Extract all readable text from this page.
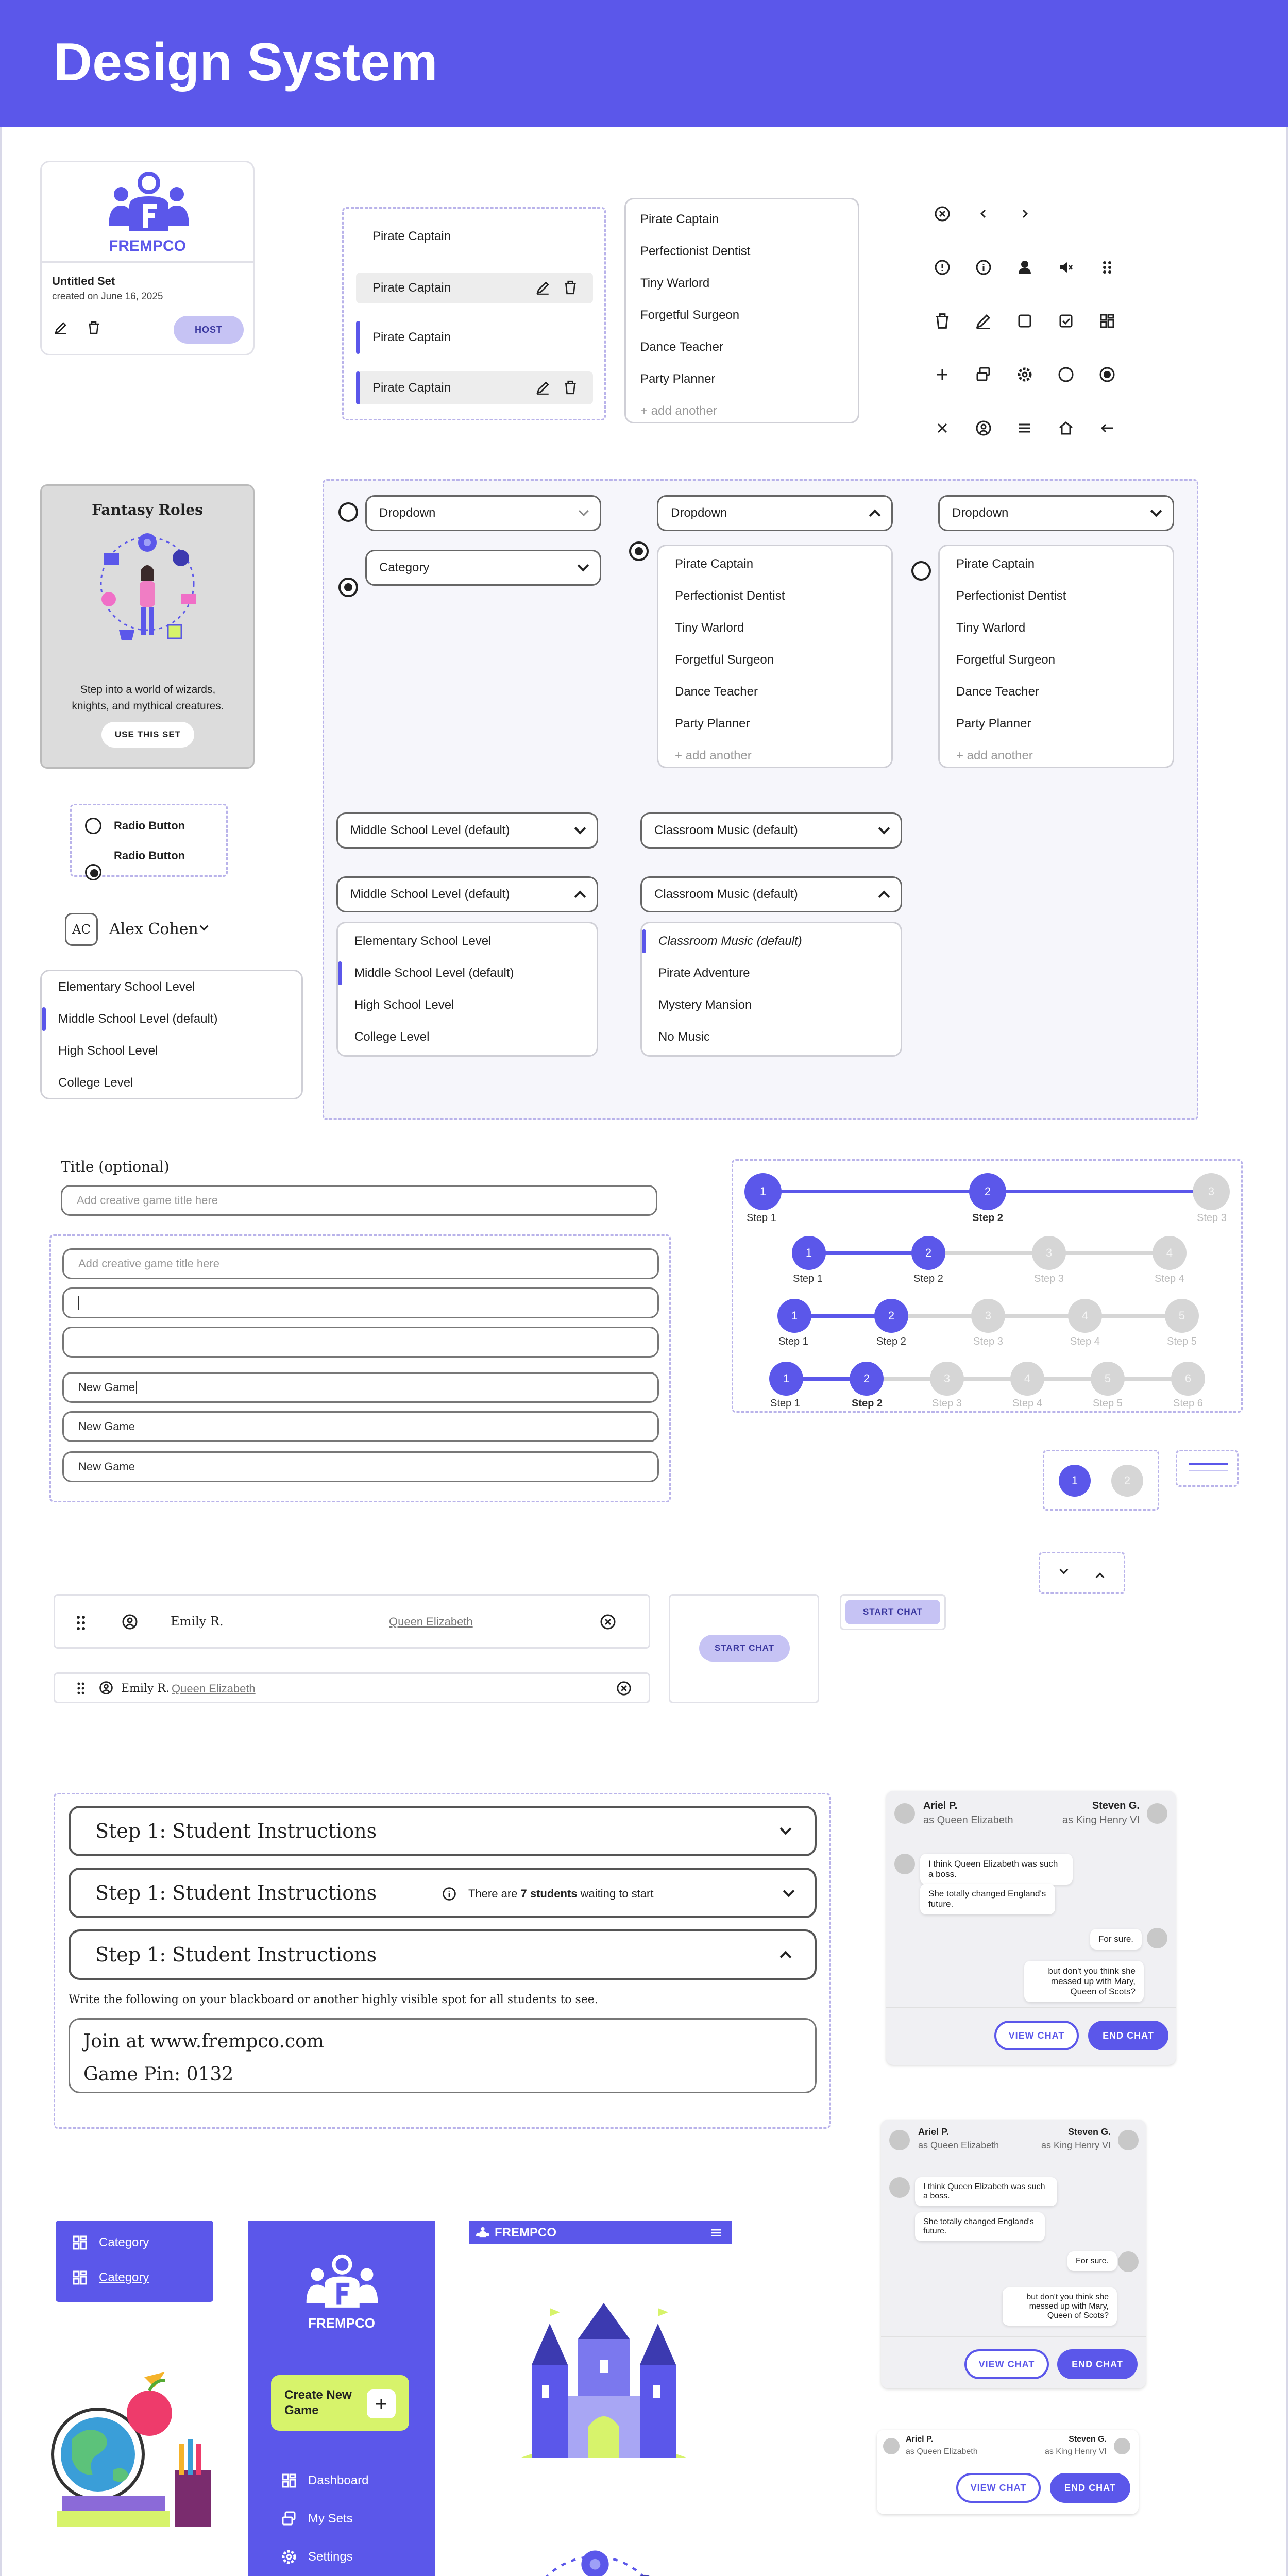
Design System
FREMPCO
Untitled Set
created on June 16, 2025
HOST
Pirate Captain
Pirate Captain
Pirate Captain
Pirate Captain
Pirate Captain
Perfectionist Dentist
Tiny Warlord
Forgetful Surgeon
Dance Teacher
Party Planner
+ add another
Fantasy Roles
Step into a world of wizards, knights, and mythical creatures.
USE THIS SET
Radio Button
Radio Button
AC	Alex Cohen
Elementary School Level
Middle School Level (default)
High School Level
College Level
Dropdown
Category
Dropdown
Pirate Captain
Perfectionist Dentist
Tiny Warlord
Forgetful Surgeon
Dance Teacher
Party Planner
+ add another
Dropdown
Pirate Captain
Perfectionist Dentist
Tiny Warlord
Forgetful Surgeon
Dance Teacher
Party Planner
+ add another
Middle School Level (default)	Classroom Music (default)
Middle School Level (default)
Elementary School Level
Middle School Level (default)
High School Level
College Level
Classroom Music (default)
Classroom Music (default)
Pirate Adventure
Mystery Mansion
No Music
Title (optional)
Add creative game title here
Add creative game title here
New Game
New Game
New Game
1	2	3
Step 1	Step 2	Step 3
1	2	3	4
Step 1	Step 2	Step 3	Step 4
1	2	3	4	5
Step 1	Step 2	Step 3	Step 4	Step 5
1	2	3	4	5	6
Step 1	Step 2	Step 3	Step 4	Step 5	Step 6
1	2
Emily R.	Queen Elizabeth
Emily R. Queen Elizabeth
START CHAT
START CHAT
Step 1: Student Instructions
Step 1: Student Instructions	There are 7 students waiting to start
Step 1: Student Instructions
Write the following on your blackboard or another highly visible spot for all students to see.
Join at www.frempco.com
Game Pin: 0132
Ariel P.
as Queen Elizabeth
Steven G.
as King Henry VI
I think Queen Elizabeth was such a boss.
She totally changed England's future.
For sure.
but don't you think she messed up with Mary, Queen of Scots?
VIEW CHAT	END CHAT
Ariel P.
as Queen Elizabeth
Steven G.
as King Henry VI
I think Queen Elizabeth was such a boss.
She totally changed England's future.
For sure.
but don't you think she messed up with Mary, Queen of Scots?
VIEW CHAT	END CHAT
Ariel P.
as Queen Elizabeth
Steven G.
as King Henry VI
VIEW CHAT	END CHAT
Category
Category
FREMPCO
Create New Game
Dashboard
My Sets
Settings
FREMPCO
